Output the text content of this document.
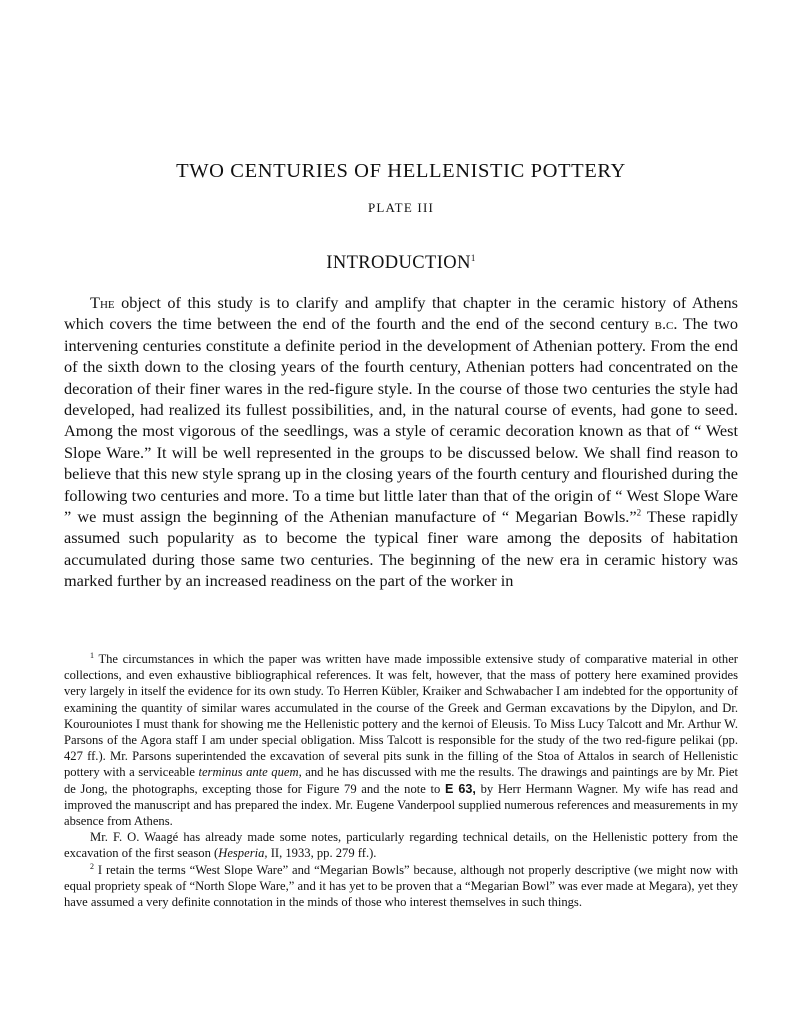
TWO CENTURIES OF HELLENISTIC POTTERY
PLATE III
INTRODUCTION$^1$

The object of this study is to clarify and amplify that chapter in the ceramic history of Athens which covers the time between the end of the fourth and the end of the second century b.c. The two intervening centuries constitute a definite period in the development of Athenian pottery. From the end of the sixth down to the closing years of the fourth century, Athenian potters had concentrated on the decoration of their finer wares in the red-figure style. In the course of those two centuries the style had developed, had realized its fullest possibilities, and, in the natural course of events, had gone to seed. Among the most vigorous of the seedlings, was a style of ceramic decoration known as that of “ West Slope Ware.” It will be well represented in the groups to be discussed below. We shall find reason to believe that this new style sprang up in the closing years of the fourth century and flourished during the following two centuries and more. To a time but little later than that of the origin of “ West Slope Ware ” we must assign the beginning of the Athenian manufacture of “ Megarian Bowls.”$^2$ These rapidly assumed such popularity as to become the typical finer ware among the deposits of habitation accumulated during those same two centuries. The beginning of the new era in ceramic history was marked further by an increased readiness on the part of the worker in

$^1$ The circumstances in which the paper was written have made impossible extensive study of comparative material in other collections, and even exhaustive bibliographical references. It was felt, however, that the mass of pottery here examined provides very largely in itself the evidence for its own study. To Herren Kübler, Kraiker and Schwabacher I am indebted for the opportunity of examining the quantity of similar wares accumulated in the course of the Greek and German excavations by the Dipylon, and Dr. Kourouniotes I must thank for showing me the Hellenistic pottery and the kernoi of Eleusis. To Miss Lucy Talcott and Mr. Arthur W. Parsons of the Agora staff I am under special obligation. Miss Talcott is responsible for the study of the two red-figure pelikai (pp. 427 ff.). Mr. Parsons superintended the excavation of several pits sunk in the filling of the Stoa of Attalos in search of Hellenistic pottery with a serviceable terminus ante quem, and he has discussed with me the results. The drawings and paintings are by Mr. Piet de Jong, the photographs, excepting those for Figure 79 and the note to E 63, by Herr Hermann Wagner. My wife has read and improved the manuscript and has prepared the index. Mr. Eugene Vanderpool supplied numerous references and measurements in my absence from Athens.

Mr. F. O. Waagé has already made some notes, particularly regarding technical details, on the Hellenistic pottery from the excavation of the first season (Hesperia, II, 1933, pp. 279 ff.).

$^2$ I retain the terms “West Slope Ware” and “Megarian Bowls” because, although not properly descriptive (we might now with equal propriety speak of “North Slope Ware,” and it has yet to be proven that a “Megarian Bowl” was ever made at Megara), yet they have assumed a very definite connotation in the minds of those who interest themselves in such things.
